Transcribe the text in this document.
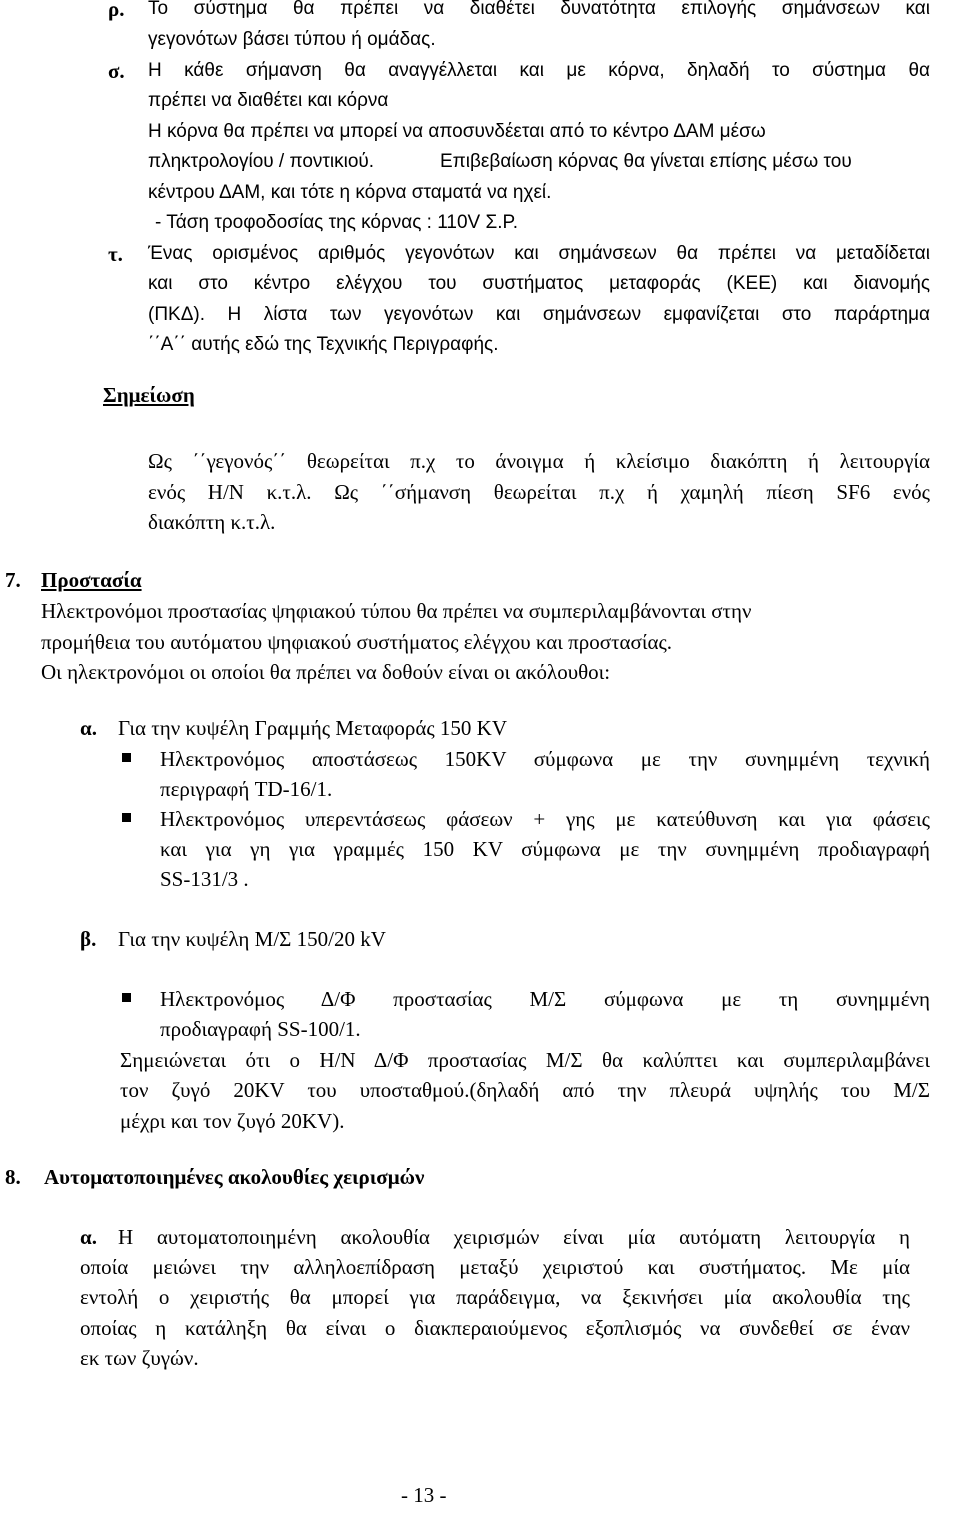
ρ. Το σύστημα θα πρέπει να διαθέτει δυνατότητα επιλογής σημάνσεων και
γεγονότων βάσει τύπου ή ομάδας.
σ. Η κάθε σήμανση θα αναγγέλλεται και με κόρνα, δηλαδή το σύστημα θα
πρέπει να διαθέτει και κόρνα
Η κόρνα θα πρέπει να μπορεί να αποσυνδέεται από το κέντρο ΔΑΜ μέσω
πληκτρολογίου / ποντικιού.	Επιβεβαίωση κόρνας θα γίνεται επίσης μέσω του
κέντρου ΔΑΜ, και τότε η κόρνα σταματά να ηχεί.
- Τάση τροφοδοσίας της κόρνας : 110V Σ.Ρ.
τ. Ένας ορισμένος αριθμός γεγονότων και σημάνσεων θα πρέπει να μεταδίδεται
και στο κέντρο ελέγχου του συστήματος μεταφοράς (ΚΕΕ) και διανομής
(ΠΚΔ). Η λίστα των γεγονότων και σημάνσεων εμφανίζεται στο παράρτημα
΄΄Α΄΄ αυτής εδώ της Τεχνικής Περιγραφής.
Σημείωση
Ως ΄΄γεγονός΄΄ θεωρείται π.χ το άνοιγμα ή κλείσιμο διακόπτη ή λειτουργία
ενός Η/Ν κ.τ.λ. Ως ΄΄σήμανση θεωρείται π.χ ή χαμηλή πίεση SF6 ενός
διακόπτη κ.τ.λ.
7. Προστασία
Ηλεκτρονόμοι προστασίας ψηφιακού τύπου θα πρέπει να συμπεριλαμβάνονται στην
προμήθεια του αυτόματου ψηφιακού συστήματος ελέγχου και προστασίας.
Οι ηλεκτρονόμοι οι οποίοι θα πρέπει να δοθούν είναι οι ακόλουθοι:
α. Για την κυψέλη Γραμμής Μεταφοράς 150 KV
Ηλεκτρονόμος αποστάσεως 150KV σύμφωνα με την συνημμένη τεχνική
περιγραφή TD-16/1.
Ηλεκτρονόμος υπερεντάσεως φάσεων + γης με κατεύθυνση και για φάσεις
και για γη για γραμμές 150 KV σύμφωνα με την συνημμένη προδιαγραφή
SS-131/3 .
β. Για την κυψέλη Μ/Σ 150/20 kV
Ηλεκτρονόμος Δ/Φ προστασίας Μ/Σ σύμφωνα με τη συνημμένη
προδιαγραφή SS-100/1.
Σημειώνεται ότι ο Η/Ν Δ/Φ προστασίας Μ/Σ θα καλύπτει και συμπεριλαμβάνει
τον ζυγό 20KV του υποσταθμού.(δηλαδή από την πλευρά υψηλής του Μ/Σ
μέχρι και τον ζυγό 20KV).
8. Αυτοματοποιημένες ακολουθίες χειρισμών
α. Η αυτοματοποιημένη ακολουθία χειρισμών είναι μία αυτόματη λειτουργία η
οποία μειώνει την αλληλοεπίδραση μεταξύ χειριστού και συστήματος. Με μία
εντολή ο χειριστής θα μπορεί για παράδειγμα, να ξεκινήσει μία ακολουθία της
οποίας η κατάληξη θα είναι ο διακπεραιούμενος εξοπλισμός να συνδεθεί σε έναν
εκ των ζυγών.
- 13 -
